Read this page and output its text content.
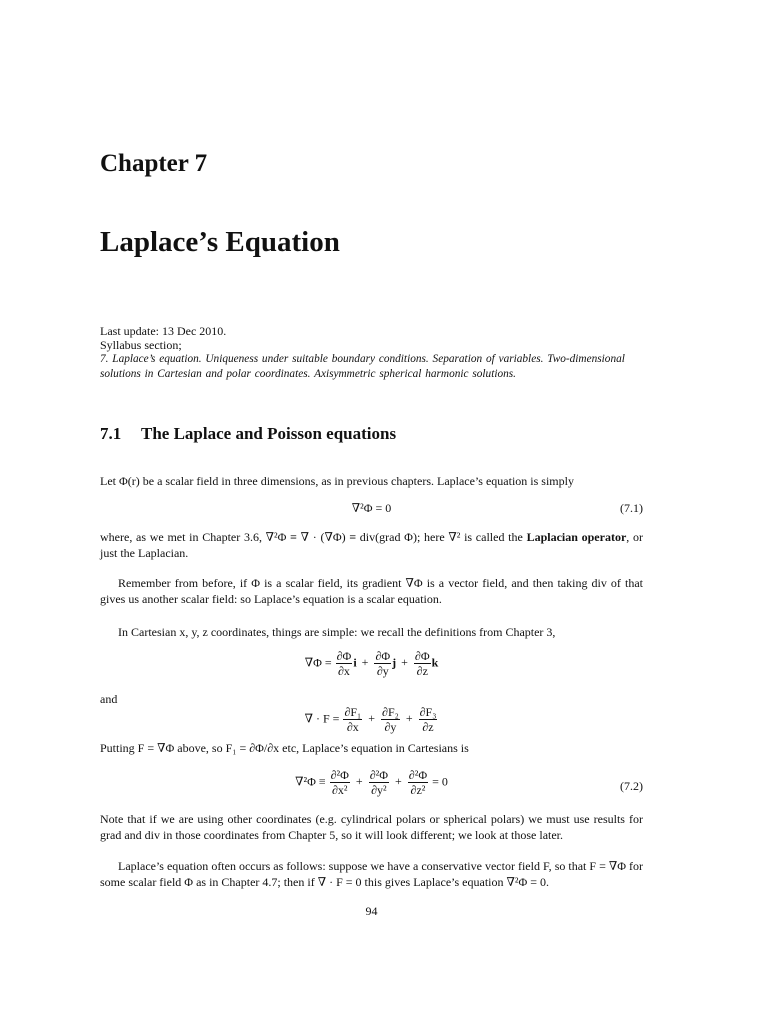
Chapter 7
Laplace’s Equation
Last update: 13 Dec 2010.
Syllabus section;
7. Laplace’s equation. Uniqueness under suitable boundary conditions. Separation of variables. Two-dimensional solutions in Cartesian and polar coordinates. Axisymmetric spherical harmonic solutions.
7.1 The Laplace and Poisson equations
Let Φ(r) be a scalar field in three dimensions, as in previous chapters. Laplace’s equation is simply
∇²Φ = 0	(7.1)
where, as we met in Chapter 3.6, ∇²Φ ≡ ∇ · (∇Φ) ≡ div(grad Φ); here ∇² is called the Laplacian operator, or just the Laplacian.
Remember from before, if Φ is a scalar field, its gradient ∇Φ is a vector field, and then taking div of that gives us another scalar field: so Laplace’s equation is a scalar equation.
In Cartesian x, y, z coordinates, things are simple: we recall the definitions from Chapter 3,
$\nabla\Phi = \frac{\partial\Phi}{\partial x}$ $i + \frac{\partial\Phi}{\partial y}$ $j + \frac{\partial\Phi}{\partial z}$ k
and
∇ · $F = \frac{\text{∂F₁}}{\partial x} + \frac{\text{∂F₂}}{\partial y} + \frac{\text{∂F₃}}{\partial z}$
Putting F = ∇Φ above, so F₁ = ∂Φ/∂x etc, Laplace’s equation in Cartesians is
$\nabla^2\Phi \equiv \frac{\text{∂²Φ}}{\text{∂x²}} + \frac{\text{∂²Φ}}{\text{∂y²}} + \frac{\text{∂²Φ}}{\text{∂z²}} = 0$	(7.2)
Note that if we are using other coordinates (e.g. cylindrical polars or spherical polars) we must use results for grad and div in those coordinates from Chapter 5, so it will look different; we look at those later.
Laplace’s equation often occurs as follows: suppose we have a conservative vector field F, so that F = ∇Φ for some scalar field Φ as in Chapter 4.7; then if ∇ · F = 0 this gives Laplace’s equation ∇²Φ = 0.
94
